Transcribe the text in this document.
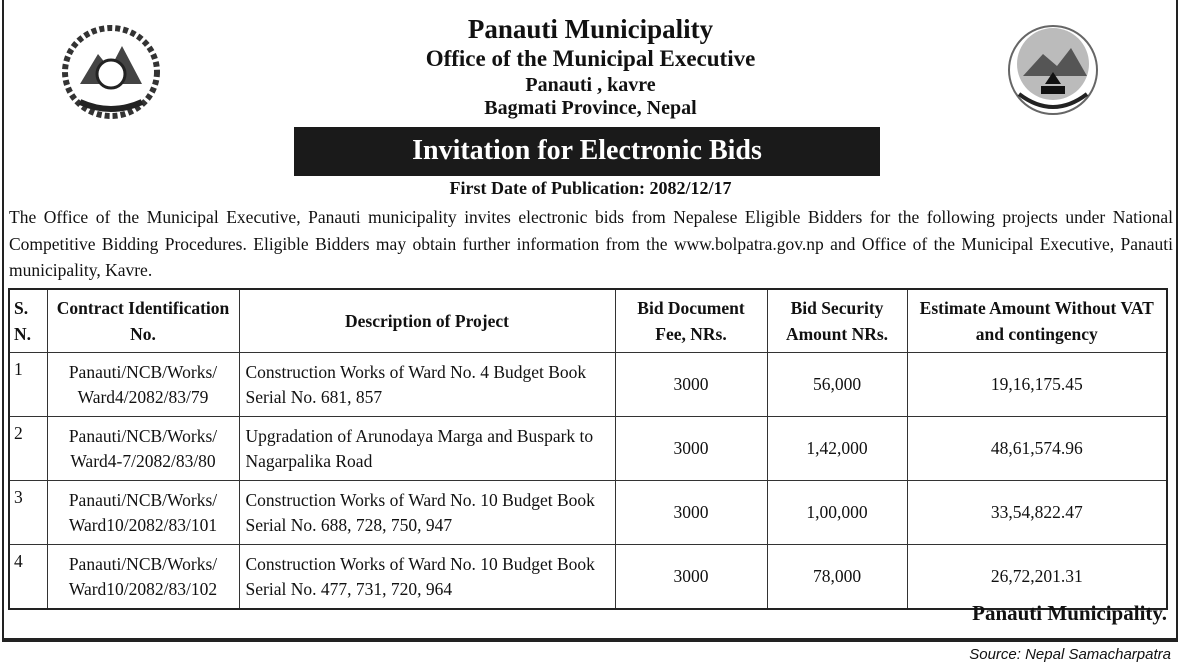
Panauti Municipality
Office of the Municipal Executive
Panauti , kavre
Bagmati Province, Nepal
Invitation for Electronic Bids
First Date of Publication: 2082/12/17
The Office of the Municipal Executive, Panauti municipality invites electronic bids from Nepalese Eligible Bidders for the following projects under National Competitive Bidding Procedures. Eligible Bidders may obtain further information from the www.bolpatra.gov.np and Office of the Municipal Executive, Panauti municipality, Kavre.
S. N.	Contract Identification No.	Description of Project	Bid Document Fee, NRs.	Bid Security Amount NRs.	Estimate Amount Without VAT and contingency
1	Panauti/NCB/Works/ Ward4/2082/83/79	Construction Works of Ward No. 4 Budget Book Serial No. 681, 857	3000	56,000	19,16,175.45
2	Panauti/NCB/Works/ Ward4-7/2082/83/80	Upgradation of Arunodaya Marga and Buspark to Nagarpalika Road	3000	1,42,000	48,61,574.96
3	Panauti/NCB/Works/ Ward10/2082/83/101	Construction Works of Ward No. 10 Budget Book Serial No. 688, 728, 750, 947	3000	1,00,000	33,54,822.47
4	Panauti/NCB/Works/ Ward10/2082/83/102	Construction Works of Ward No. 10 Budget Book Serial No. 477, 731, 720, 964	3000	78,000	26,72,201.31
Panauti Municipality.
Source: Nepal Samacharpatra
